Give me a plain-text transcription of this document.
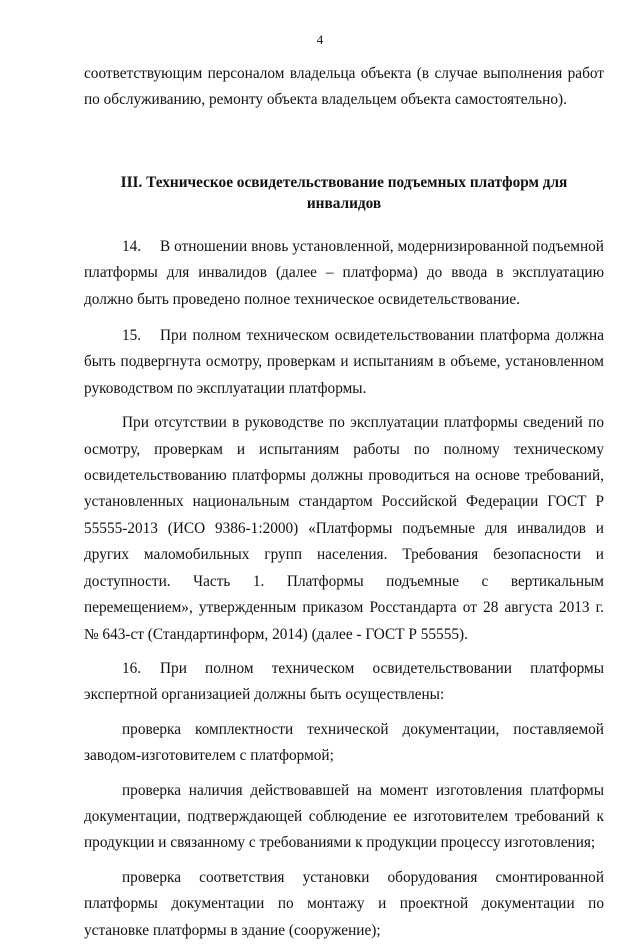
4

соответствующим персоналом владельца объекта (в случае выполнения работ по обслуживанию, ремонту объекта владельцем объекта самостоятельно).

III. Техническое освидетельствование подъемных платформ для инвалидов

14. В отношении вновь установленной, модернизированной подъемной платформы для инвалидов (далее – платформа) до ввода в эксплуатацию должно быть проведено полное техническое освидетельствование.

15. При полном техническом освидетельствовании платформа должна быть подвергнута осмотру, проверкам и испытаниям в объеме, установленном руководством по эксплуатации платформы.

При отсутствии в руководстве по эксплуатации платформы сведений по осмотру, проверкам и испытаниям работы по полному техническому освидетельствованию платформы должны проводиться на основе требований, установленных национальным стандартом Российской Федерации ГОСТ Р 55555-2013 (ИСО 9386-1:2000) «Платформы подъемные для инвалидов и других маломобильных групп населения. Требования безопасности и доступности. Часть 1. Платформы подъемные с вертикальным перемещением», утвержденным приказом Росстандарта от 28 августа 2013 г. № 643-ст (Стандартинформ, 2014) (далее - ГОСТ Р 55555).

16. При полном техническом освидетельствовании платформы экспертной организацией должны быть осуществлены:

проверка комплектности технической документации, поставляемой заводом-изготовителем с платформой;

проверка наличия действовавшей на момент изготовления платформы документации, подтверждающей соблюдение ее изготовителем требований к продукции и связанному с требованиями к продукции процессу изготовления;

проверка соответствия установки оборудования смонтированной платформы документации по монтажу и проектной документации по установке платформы в здание (сооружение);
